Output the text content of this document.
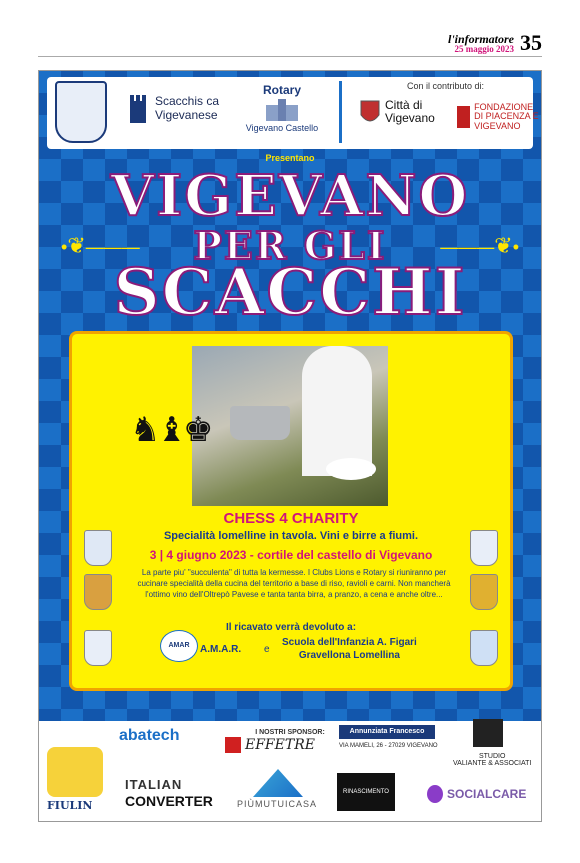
l'informatore
25 maggio 2023 35
Scacchis ca
Vigevanese
Rotary
Vigevano Castello
Con il contributo di:
Città di
Vigevano
FONDAZIONE
DI PIACENZA E VIGEVANO
Presentano
VIGEVANO
•❦———	PER GLI	———❦•
SCACCHI
♞♝♚
CHESS 4 CHARITY
Specialità lomelline in tavola. Vini e birre a fiumi.
3 | 4 giugno 2023 - cortile del castello di Vigevano
La parte piu' "succulenta" di tutta la kermesse. I Clubs Lions e Rotary si riuniranno per cucinare specialità della cucina del territorio a base di riso, ravioli e carni. Non mancherà l'ottimo vino dell'Oltrepò Pavese e tanta tanta birra, a pranzo, a cena e anche oltre...
Il ricavato verrà devoluto a:
AMAR	A.M.A.R. e
Scuola dell'Infanzia A. Figari
Gravellona Lomellina
I NOSTRI SPONSOR:
FIULIN
abatech
EFFETRE
Annunziata Francesco
VIA MAMELI, 26 - 27029 VIGEVANO
STUDIO
VALIANTE & ASSOCIATI
ITALIAN
CONVERTER	PIÙMUTUICASA
RINASCIMENTO	SOCIALCARE
